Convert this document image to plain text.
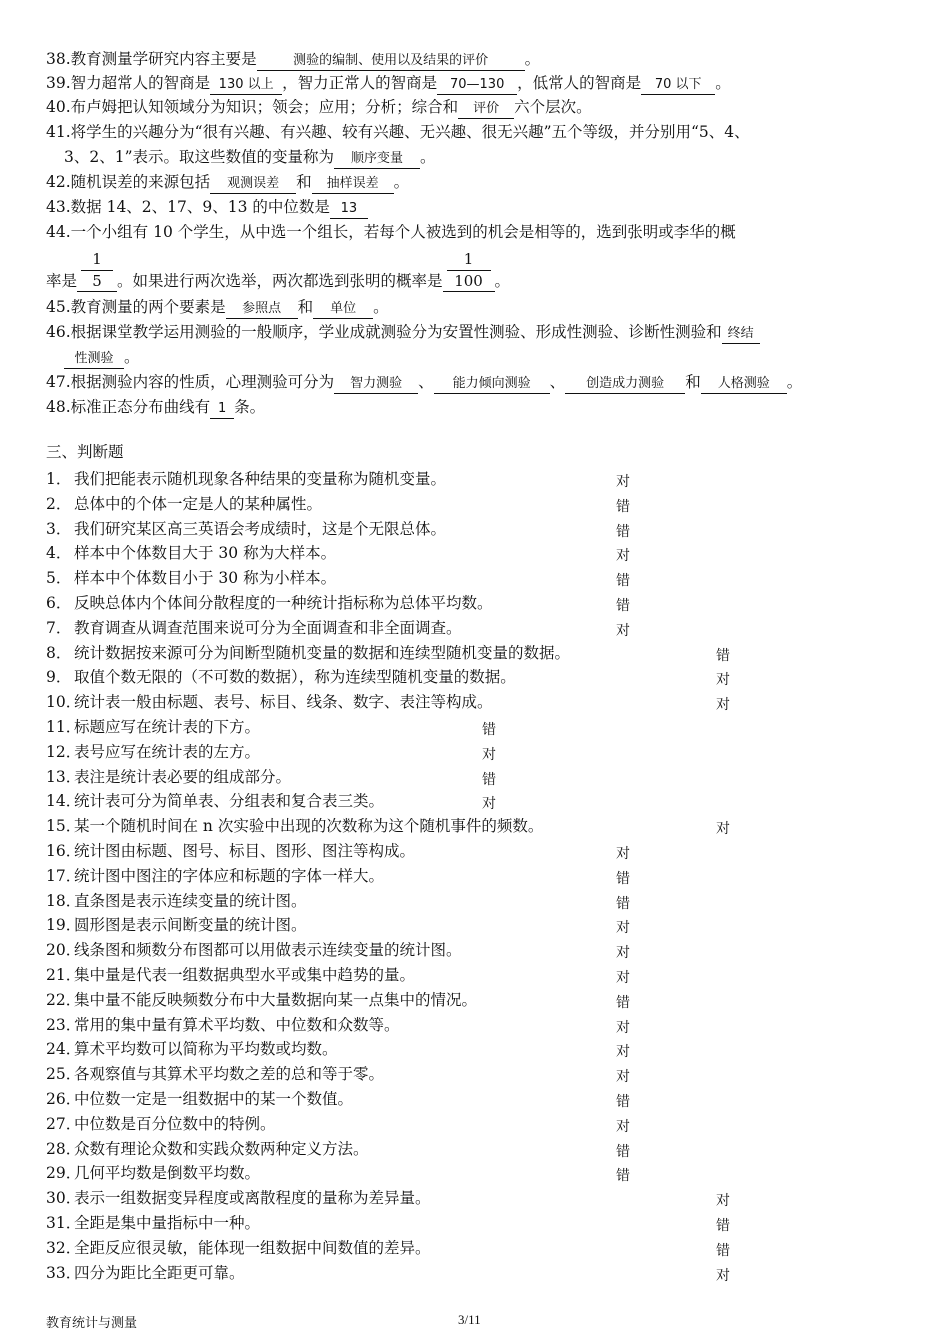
38.教育测量学研究内容主要是	测验的编制、使用以及结果的评价 。
39.智力超常人的智商是 130 以上 ，智力正常人的智商是 70—130 ，低常人的智商是 70 以下 。
40.布卢姆把认知领域分为知识；领会；应用；分析；综合和 评价 六个层次。
41.将学生的兴趣分为“很有兴趣、有兴趣、较有兴趣、无兴趣、很无兴趣”五个等级，并分别用“5、4、
3、2、1”表示。取这些数值的变量称为 顺序变量 。
42.随机误差的来源包括 观测误差 和 抽样误差 。
43.数据 14、2、17、9、13 的中位数是 13
44.一个小组有 10 个学生，从中选一个组长，若每个人被选到的机会是相等的，选到张明或李华的概
率是 $\frac{1}{5}$ 。如果进行两次选举，两次都选到张明的概率是 $\frac{1}{100}$ 。
45.教育测量的两个要素是 参照点 和 单位 。
46.根据课堂教学运用测验的一般顺序，学业成就测验分为安置性测验、形成性测验、诊断性测验和 终结
性测验 。
47.根据测验内容的性质，心理测验可分为 智力测验 、 能力倾向测验 、 创造成力测验 和 人格测验 。
48.标准正态分布曲线有 1 条。
三、判断题
1． 我们把能表示随机现象各种结果的变量称为随机变量。	对
2． 总体中的个体一定是人的某种属性。	错
3． 我们研究某区高三英语会考成绩时，这是个无限总体。	错
4． 样本中个体数目大于 30 称为大样本。	对
5． 样本中个体数目小于 30 称为小样本。	错
6． 反映总体内个体间分散程度的一种统计指标称为总体平均数。	错
7． 教育调查从调查范围来说可分为全面调查和非全面调查。	对
8． 统计数据按来源可分为间断型随机变量的数据和连续型随机变量的数据。	错
9． 取值个数无限的（不可数的数据），称为连续型随机变量的数据。	对
10．统计表一般由标题、表号、标目、线条、数字、表注等构成。	对
11．标题应写在统计表的下方。	错
12．表号应写在统计表的左方。	对
13．表注是统计表必要的组成部分。	错
14．统计表可分为简单表、分组表和复合表三类。	对
15．某一个随机时间在 n 次实验中出现的次数称为这个随机事件的频数。	对
16．统计图由标题、图号、标目、图形、图注等构成。	对
17．统计图中图注的字体应和标题的字体一样大。	错
18．直条图是表示连续变量的统计图。	错
19．圆形图是表示间断变量的统计图。	对
20．线条图和频数分布图都可以用做表示连续变量的统计图。	对
21．集中量是代表一组数据典型水平或集中趋势的量。	对
22．集中量不能反映频数分布中大量数据向某一点集中的情况。	错
23．常用的集中量有算术平均数、中位数和众数等。	对
24．算术平均数可以简称为平均数或均数。	对
25．各观察值与其算术平均数之差的总和等于零。	对
26．中位数一定是一组数据中的某一个数值。	错
27．中位数是百分位数中的特例。	对
28．众数有理论众数和实践众数两种定义方法。	错
29．几何平均数是倒数平均数。	错
30．表示一组数据变异程度或离散程度的量称为差异量。	对
31．全距是集中量指标中一种。	错
32．全距反应很灵敏，能体现一组数据中间数值的差异。	错
33．四分为距比全距更可靠。	对
教育统计与测量	3/11
